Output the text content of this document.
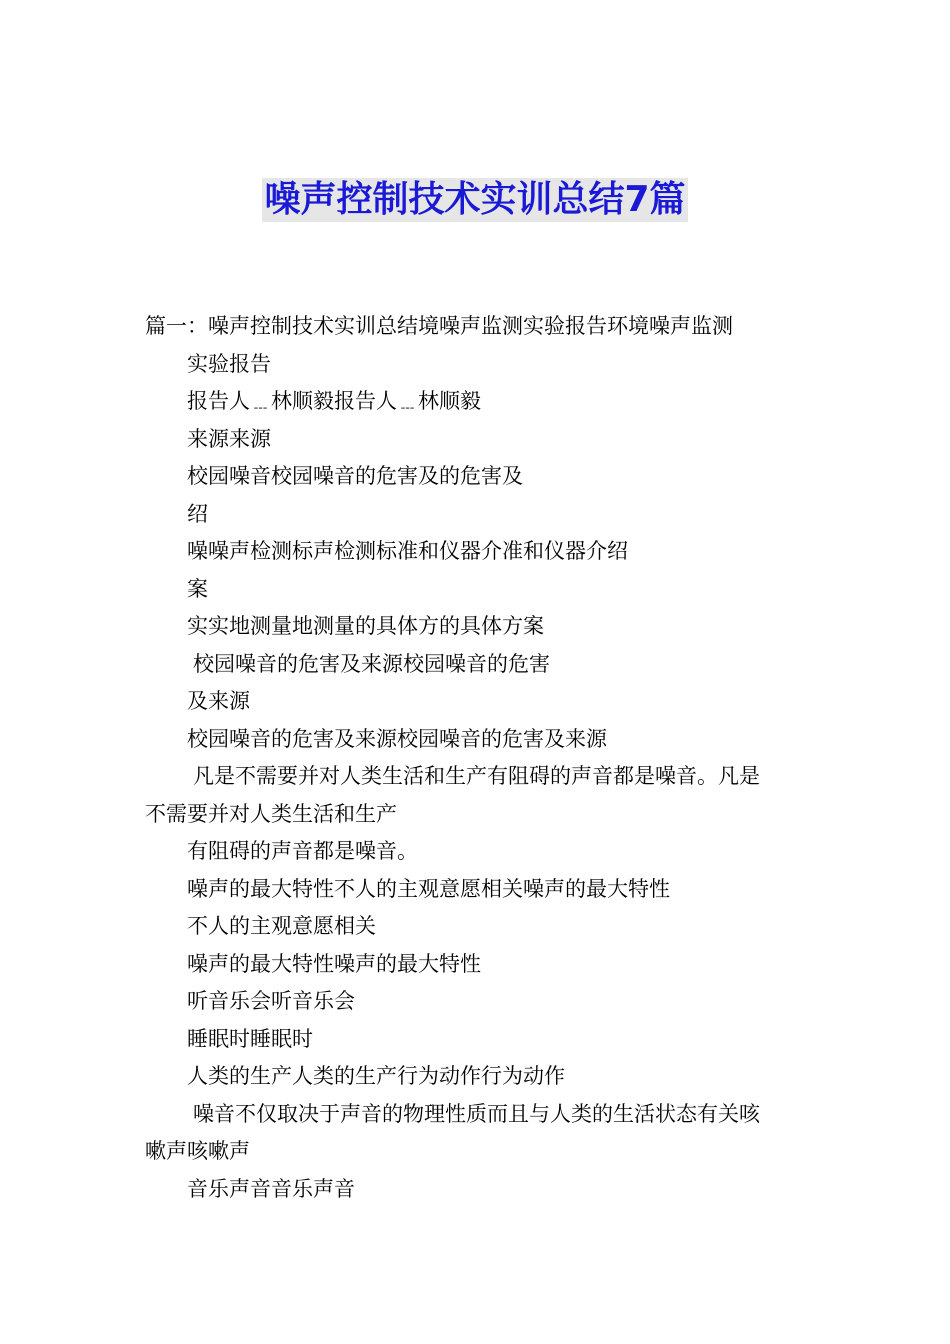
噪声控制技术实训总结7篇

篇一：噪声控制技术实训总结境噪声监测实验报告环境噪声监测

实验报告

报告人﹍林顺毅报告人﹍林顺毅

来源来源

校园噪音校园噪音的危害及的危害及

绍

噪噪声检测标声检测标准和仪器介准和仪器介绍

案

实实地测量地测量的具体方的具体方案

校园噪音的危害及来源校园噪音的危害

及来源

校园噪音的危害及来源校园噪音的危害及来源

凡是不需要并对人类生活和生产有阻碍的声音都是噪音。凡是

不需要并对人类生活和生产

有阻碍的声音都是噪音。

噪声的最大特性不人的主观意愿相关噪声的最大特性

不人的主观意愿相关

噪声的最大特性噪声的最大特性

听音乐会听音乐会

睡眠时睡眠时

人类的生产人类的生产行为动作行为动作

噪音不仅取决于声音的物理性质而且与人类的生活状态有关咳

嗽声咳嗽声

音乐声音音乐声音
